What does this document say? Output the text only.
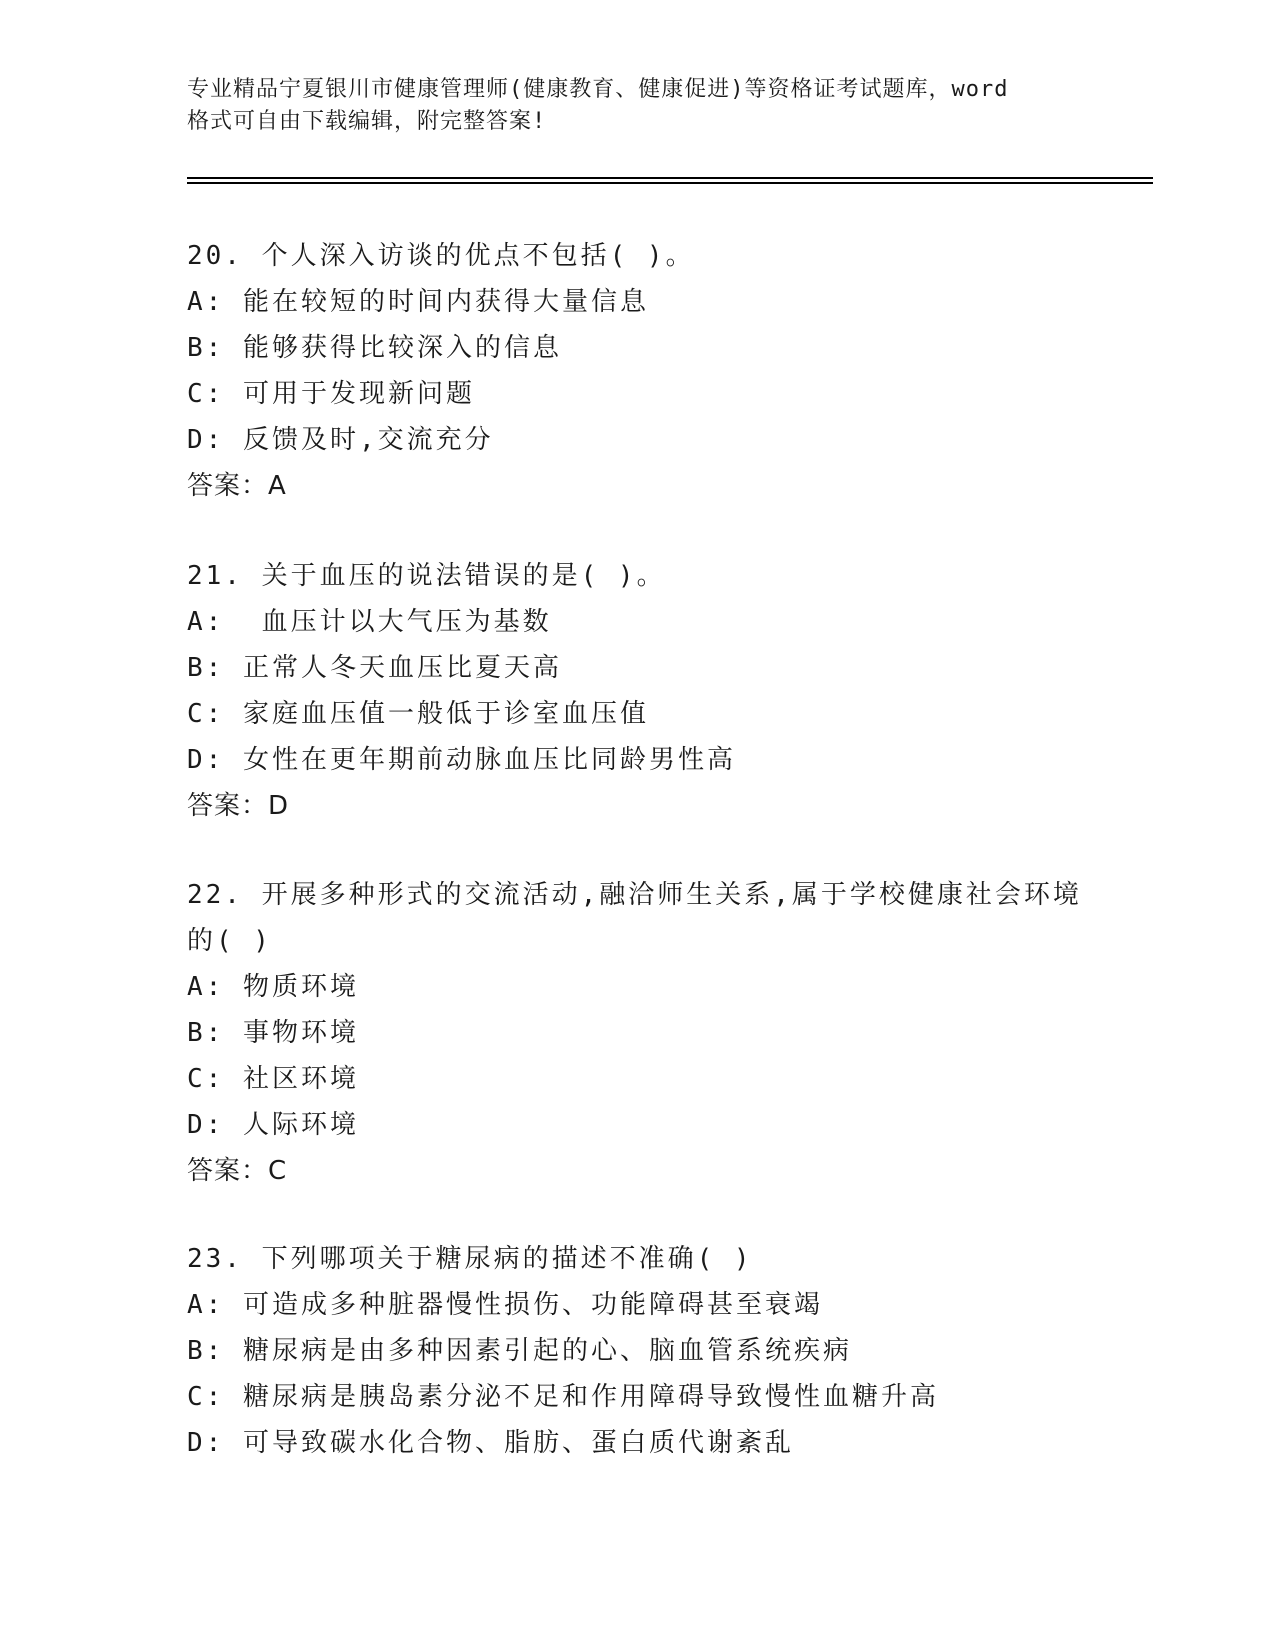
专业精品宁夏银川市健康管理师(健康教育、健康促进)等资格证考试题库，word
格式可自由下载编辑，附完整答案!
20. 个人深入访谈的优点不包括( )。
A: 能在较短的时间内获得大量信息
B: 能够获得比较深入的信息
C: 可用于发现新问题
D: 反馈及时,交流充分
答案：A
21. 关于血压的说法错误的是( )。
A:  血压计以大气压为基数
B: 正常人冬天血压比夏天高
C: 家庭血压值一般低于诊室血压值
D: 女性在更年期前动脉血压比同龄男性高
答案：D
22. 开展多种形式的交流活动,融洽师生关系,属于学校健康社会环境的( )
A: 物质环境
B: 事物环境
C: 社区环境
D: 人际环境
答案：C
23. 下列哪项关于糖尿病的描述不准确( )
A: 可造成多种脏器慢性损伤、功能障碍甚至衰竭
B: 糖尿病是由多种因素引起的心、脑血管系统疾病
C: 糖尿病是胰岛素分泌不足和作用障碍导致慢性血糖升高
D: 可导致碳水化合物、脂肪、蛋白质代谢紊乱
